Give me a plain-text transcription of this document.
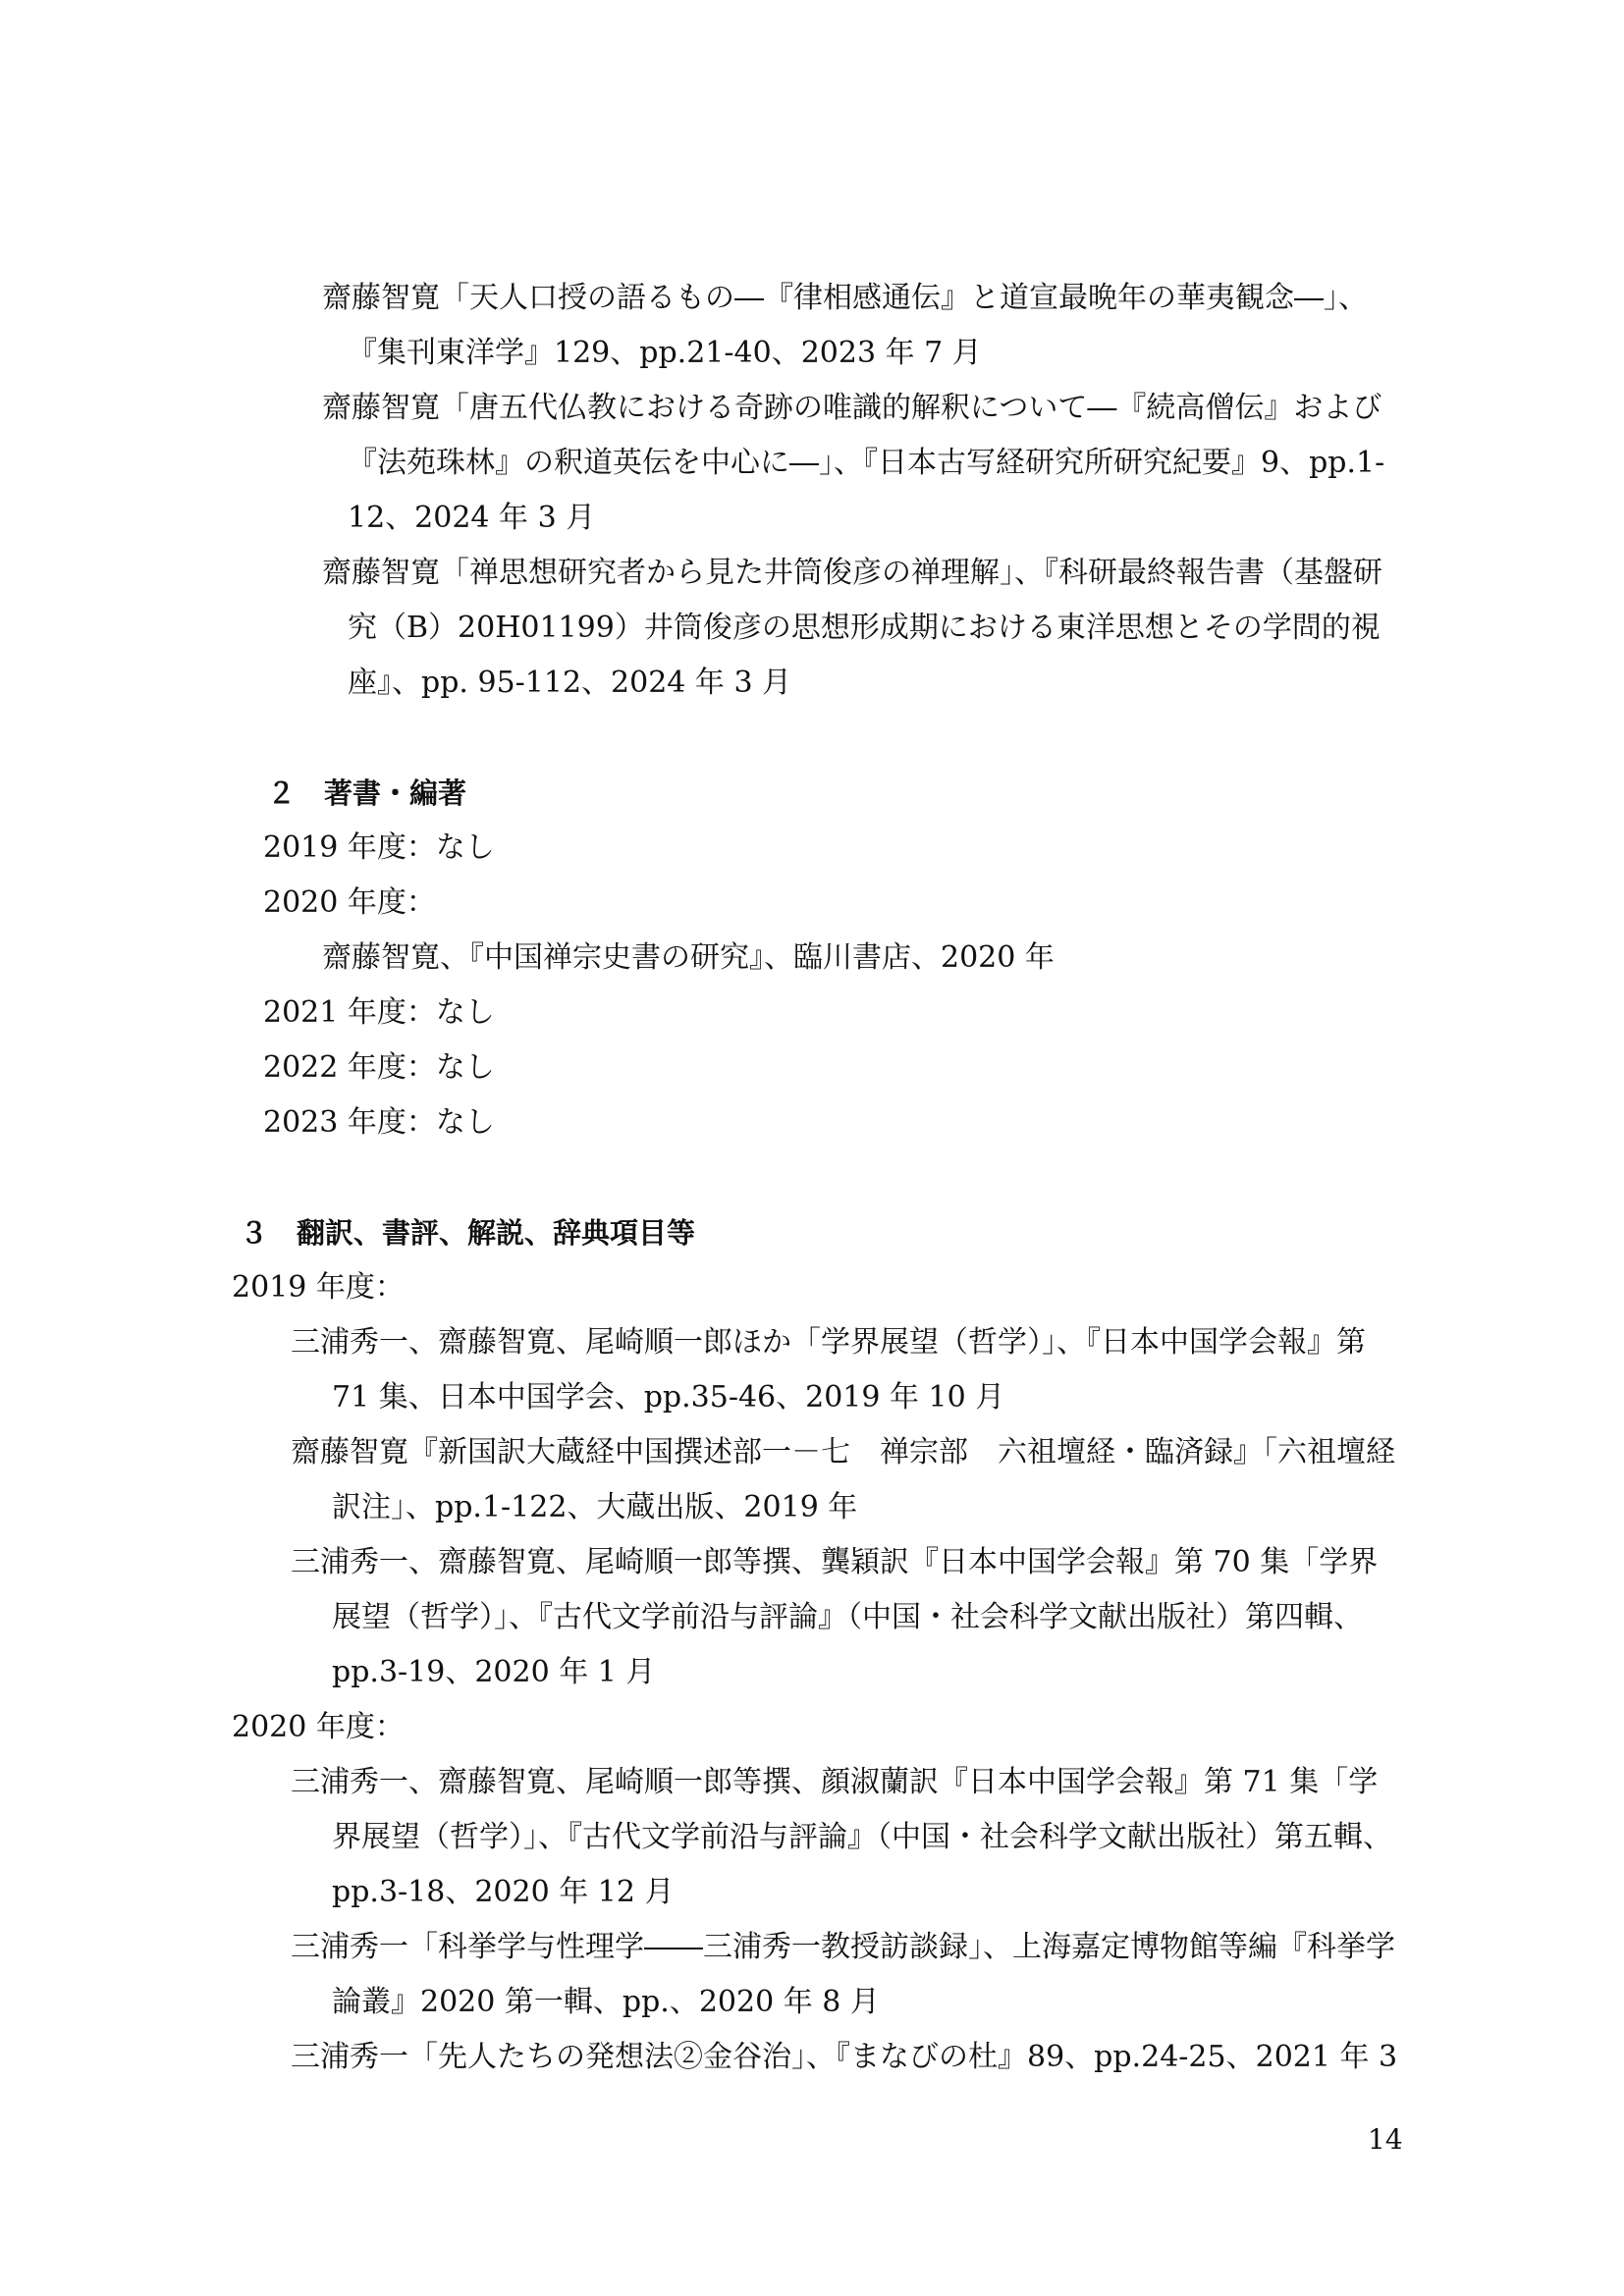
齋藤智寛「天人口授の語るもの―『律相感通伝』と道宣最晩年の華夷観念―」、『集刊東洋学』129、pp.21-40、2023 年 7 月

齋藤智寛「唐五代仏教における奇跡の唯識的解釈について―『続高僧伝』および『法苑珠林』の釈道英伝を中心に―」、『日本古写経研究所研究紀要』9、pp.1-12、2024 年 3 月

齋藤智寛「禅思想研究者から見た井筒俊彦の禅理解」、『科研最終報告書（基盤研究（B）20H01199）井筒俊彦の思想形成期における東洋思想とその学問的視座』、pp. 95-112、2024 年 3 月

２　著書・編著

2019 年度：なし

2020 年度：

齋藤智寛、『中国禅宗史書の研究』、臨川書店、2020 年

2021 年度：なし

2022 年度：なし

2023 年度：なし

３　翻訳、書評、解説、辞典項目等

2019 年度：

三浦秀一、齋藤智寛、尾崎順一郎ほか「学界展望（哲学）」、『日本中国学会報』第 71 集、日本中国学会、pp.35-46、2019 年 10 月

齋藤智寛『新国訳大蔵経中国撰述部一－七　禅宗部　六祖壇経・臨済録』「六祖壇経訳注」、pp.1-122、大蔵出版、2019 年

三浦秀一、齋藤智寛、尾崎順一郎等撰、龔穎訳『日本中国学会報』第 70 集「学界展望（哲学）」、『古代文学前沿与評論』（中国・社会科学文献出版社）第四輯、pp.3-19、2020 年 1 月

2020 年度：

三浦秀一、齋藤智寛、尾崎順一郎等撰、顔淑蘭訳『日本中国学会報』第 71 集「学界展望（哲学）」、『古代文学前沿与評論』（中国・社会科学文献出版社）第五輯、pp.3-18、2020 年 12 月

三浦秀一「科挙学与性理学――三浦秀一教授訪談録」、上海嘉定博物館等編『科挙学論叢』2020 第一輯、pp.、2020 年 8 月

三浦秀一「先人たちの発想法②金谷治」、『まなびの杜』89、pp.24-25、2021 年 3

14
